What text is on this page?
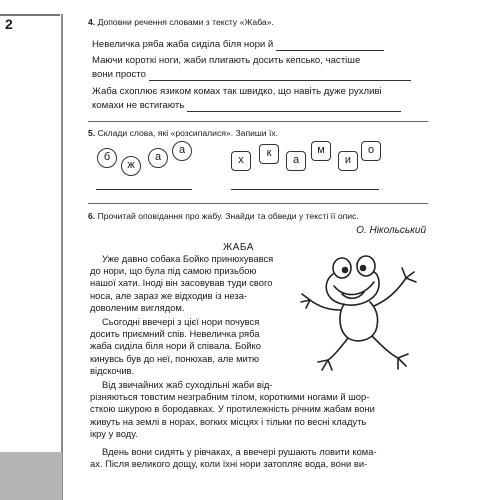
2	4. Доповни речення словами з тексту «Жаба».
Невеличка ряба жаба сиділа біля нори й
Маючи короткі ноги, жаби плигають досить кепсько, частіше
вони просто
Жаба схоплює язиком комах так швидко, що навіть дуже рухливі
комахи не встигають
5. Склади слова, які «розсипалися». Запиши їх.
б
ж
а
а
х
к
а
м
и
о
6. Прочитай оповідання про жабу. Знайди та обведи у тексті її опис.
О. Нікольський
ЖАБА

Уже давно собака Бойко принюхувався

до нори, що була під самою призьбою

нашої хати. Іноді він засовував туди свого

носа, але зараз же відходив із неза-

доволеним виглядом.

Сьогодні ввечері з цієї нори почувся

досить приємний спів. Невеличка ряба

жаба сиділа біля нори й співала. Бойко

кинувсь був до неї, понюхав, але митю

відскочив.

Від звичайних жаб суходільні жаби від-

різняються товстим незграбним тілом, короткими ногами й шор-

сткою шкурою в бородавках. У протилежність річним жабам вони

живуть на землі в норах, вогких місцях і тільки по весні кладуть

ікру у воду.

Вдень вони сидять у рівчаках, а ввечері рушають ловити кома-

ах. Після великого дощу, коли їхні нори затопляє вода, вони ви-
